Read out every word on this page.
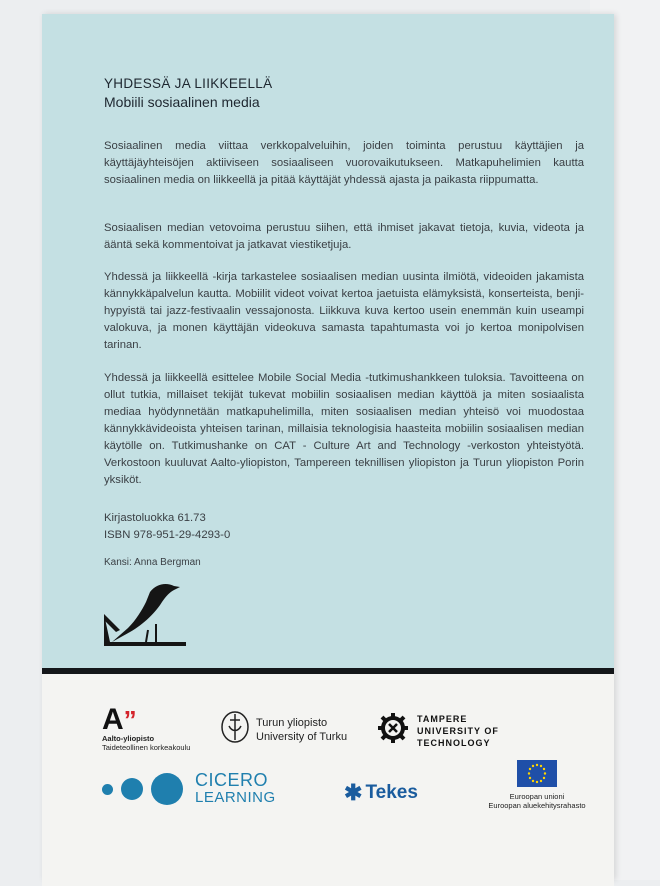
YHDESSÄ JA LIIKKEELLÄ
Mobiili sosiaalinen media

Sosiaalinen media viittaa verkkopalveluihin, joiden toiminta perustuu käyttäjien ja käyttäjäyhteisöjen aktiiviseen sosiaaliseen vuorovaikutukseen. Matkapuhelimien kautta sosiaalinen media on liikkeellä ja pitää käyttäjät yhdessä ajasta ja paikasta riippumatta.

Sosiaalisen median vetovoima perustuu siihen, että ihmiset jakavat tietoja, kuvia, videota ja ääntä sekä kommentoivat ja jatkavat viestiketjuja.

Yhdessä ja liikkeellä -kirja tarkastelee sosiaalisen median uusinta ilmiötä, videoiden jakamista kännykkäpalvelun kautta. Mobiilit videot voivat kertoa jaetuista elämyksistä, konserteista, benji-hypyistä tai jazz-festivaalin vessajonosta. Liikkuva kuva kertoo usein enemmän kuin useampi valokuva, ja monen käyttäjän videokuva samasta tapahtumasta voi jo kertoa monipolvisen tarinan.

Yhdessä ja liikkeellä esittelee Mobile Social Media -tutkimushankkeen tuloksia. Tavoitteena on ollut tutkia, millaiset tekijät tukevat mobiilin sosiaalisen median käyttöä ja miten sosiaalista mediaa hyödynnetään matkapuhelimilla, miten sosiaalisen median yhteisö voi muodostaa kännykkävideoista yhteisen tarinan, millaisia teknologisia haasteita mobiilin sosiaalisen median käytölle on. Tutkimushanke on CAT - Culture Art and Technology -verkoston yhteistyötä. Verkostoon kuuluvat Aalto-yliopiston, Tampereen teknillisen yliopiston ja Turun yliopiston Porin yksiköt.

Kirjastoluokka 61.73
ISBN 978-951-29-4293-0
Kansi: Anna Bergman
A”
Aalto-yliopisto
Taideteollinen korkeakoulu
Turun yliopisto
University of Turku
TAMPERE
UNIVERSITY OF
TECHNOLOGY
CICERO
LEARNING	✱ Tekes	Euroopan unioni
Euroopan aluekehitysrahasto
